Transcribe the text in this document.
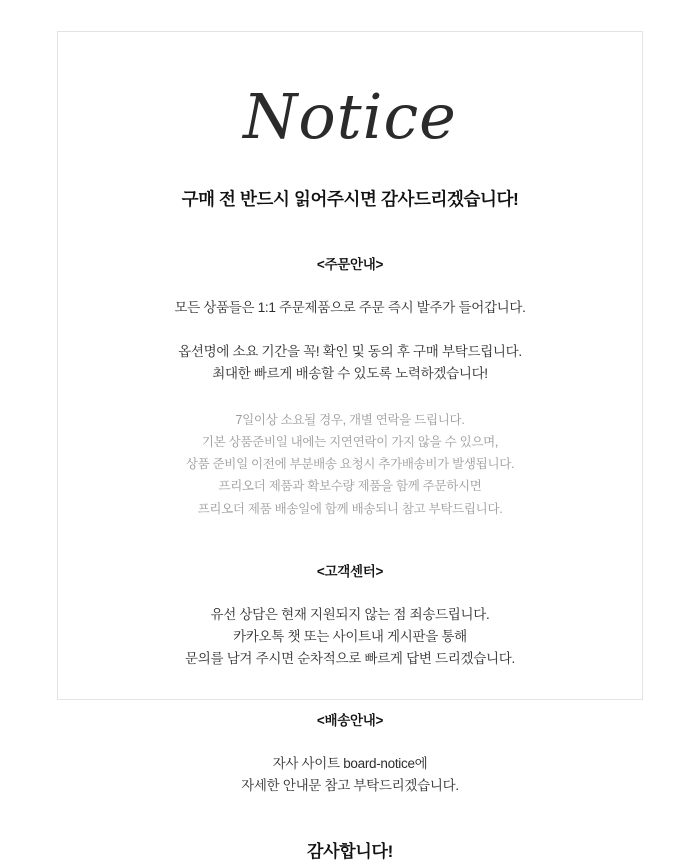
Notice
구매 전 반드시 읽어주시면 감사드리겠습니다!
<주문안내>
모든 상품들은 1:1 주문제품으로 주문 즉시 발주가 들어갑니다.
옵션명에 소요 기간을 꼭! 확인 및 동의 후 구매 부탁드립니다.
최대한 빠르게 배송할 수 있도록 노력하겠습니다!
7일이상 소요될 경우, 개별 연락을 드립니다.
기본 상품준비일 내에는 지연연락이 가지 않을 수 있으며,
상품 준비일 이전에 부분배송 요청시 추가배송비가 발생됩니다.
프리오더 제품과 확보수량 제품을 함께 주문하시면
프리오더 제품 배송일에 함께 배송되니 참고 부탁드립니다.
<고객센터>
유선 상담은 현재 지원되지 않는 점 죄송드립니다.
카카오톡 챗 또는 사이트내 게시판을 통해
문의를 남겨 주시면 순차적으로 빠르게 답변 드리겠습니다.
<배송안내>
자사 사이트 board-notice에
자세한 안내문 참고 부탁드리겠습니다.
감사합니다!
